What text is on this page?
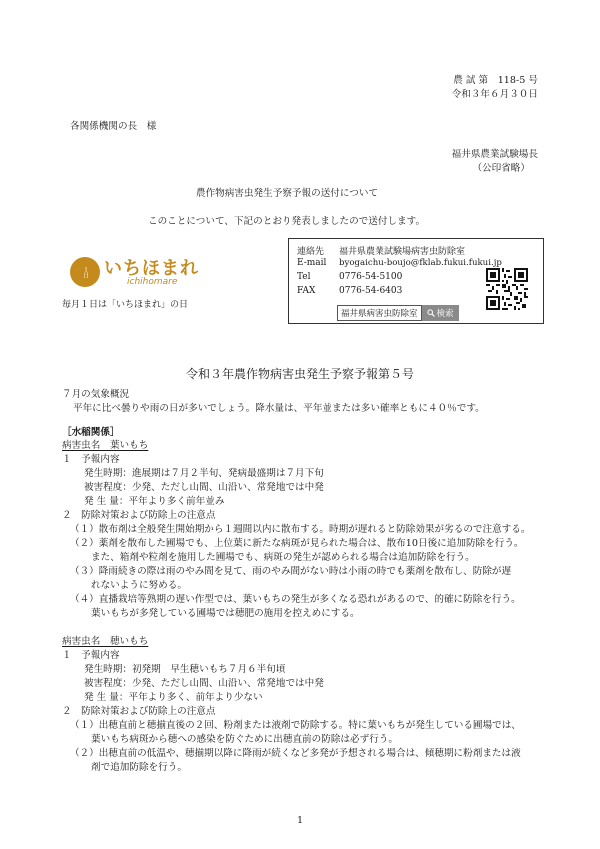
農 試 第　118-5 号
令和３年６月３０日
各関係機関の長　様
福井県農業試験場長
（公印省略）
農作物病害虫発生予察予報の送付について
このことについて、下記のとおり発表しましたので送付します。
１日 いちほまれ
ichihomare
毎月１日は「いちほまれ」の日
連絡先 福井県農業試験場病害虫防除室
E-mail byogaichu-boujo@fklab.fukui.fukui.jp
Tel	0776-54-5100
FAX	0776-54-6403
福井県病害虫防除室	検索
令和３年農作物病害虫発生予察予報第５号
７月の気象概況
平年に比べ曇りや雨の日が多いでしょう。降水量は、平年並または多い確率ともに４０％です。
［水稲関係］
病害虫名　葉いもち
１　予報内容
発生時期：進展期は７月２半旬、発病最盛期は７月下旬
被害程度：少発、ただし山間、山沿い、常発地では中発
発 生 量：平年より多く前年並み
２　防除対策および防除上の注意点
（１）散布剤は全般発生開始期から１週間以内に散布する。時期が遅れると防除効果が劣るので注意する。
（２）薬剤を散布した圃場でも、上位葉に新たな病斑が見られた場合は、散布10日後に追加防除を行う。
また、箱剤や粒剤を施用した圃場でも、病斑の発生が認められる場合は追加防除を行う。
（３）降雨続きの際は雨のやみ間を見て、雨のやみ間がない時は小雨の時でも薬剤を散布し、防除が遅
れないように努める。
（４）直播栽培等熟期の遅い作型では、葉いもちの発生が多くなる恐れがあるので、的確に防除を行う。
葉いもちが多発している圃場では穂肥の施用を控えめにする。
病害虫名　穂いもち
１　予報内容
発生時期：初発期　早生穂いもち７月６半旬頃
被害程度：少発、ただし山間、山沿い、常発地では中発
発 生 量：平年より多く、前年より少ない
２　防除対策および防除上の注意点
（１）出穂直前と穂揃直後の２回、粉剤または液剤で防除する。特に葉いもちが発生している圃場では、
葉いもち病斑から穂への感染を防ぐために出穂直前の防除は必ず行う。
（２）出穂直前の低温や、穂揃期以降に降雨が続くなど多発が予想される場合は、傾穂期に粉剤または液
剤で追加防除を行う。
1
